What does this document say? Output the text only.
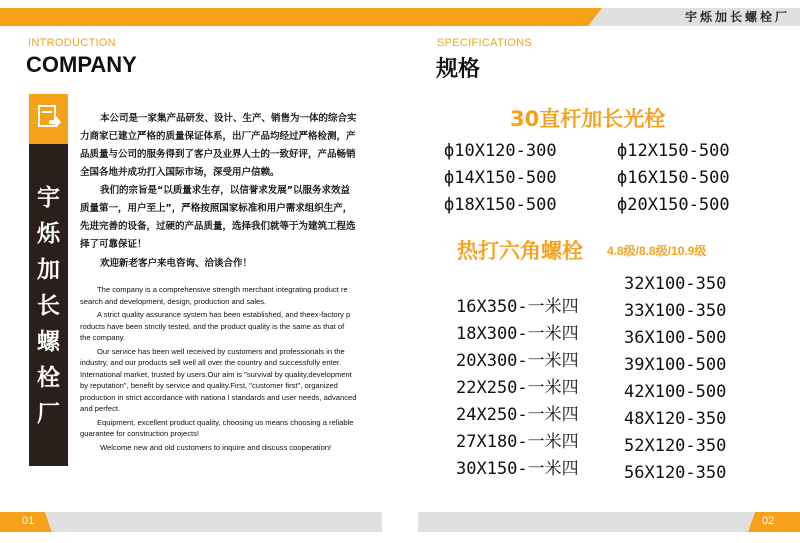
宇烁加长螺栓厂
INTRODUCTION
COMPANY
宇
烁
加
长
螺
栓
厂
本公司是一家集产品研发、设计、生产、销售为一体的综合实
力商家已建立严格的质量保证体系，出厂产品均经过严格检测，产
品质量与公司的服务得到了客户及业界人士的一致好评，产品畅销
全国各地并成功打入国际市场，深受用户信赖。
我们的宗旨是“以质量求生存，以信誉求发展”以服务求效益
质量第一，用户至上”，严格按照国家标准和用户需求组织生产，
先进完善的设备，过硬的产品质量，选择我们就等于为建筑工程选
择了可靠保证！
欢迎新老客户来电咨询、洽谈合作！
The company is a comprehensive strength merchant integrating product re
search and development, design, production and sales.
A strict quality assurance system has been established, and theex-factory p
roducts have been strictly tested, and the product quality is the same as that of
the company.
Our service has been well received by customers and professionals in the
industry, and our products sell well all over the country and successfully enter.
International market, trusted by users.Our aim is "survival by quality,development
by reputation", benefit by service and quality.First, "customer first", organized
production in strict accordance with nationa l standards and user needs, advanced
and perfect.
Equipment, excellent product quality, choosing us means choosing a reliable
guarantee for construction projects!
Welcome new and old customers to inquire and discuss cooperation!
SPECIFICATIONS
规格
30直杆加长光栓
ф10X120-300
ф14X150-500
ф18X150-500
ф12X150-500
ф16X150-500
ф20X150-500
热打六角螺栓 4.8级/8.8级/10.9级
16X350-一米四
18X300-一米四
20X300-一米四
22X250-一米四
24X250-一米四
27X180-一米四
30X150-一米四
32X100-350
33X100-350
36X100-500
39X100-500
42X100-500
48X120-350
52X120-350
56X120-350
01	02
